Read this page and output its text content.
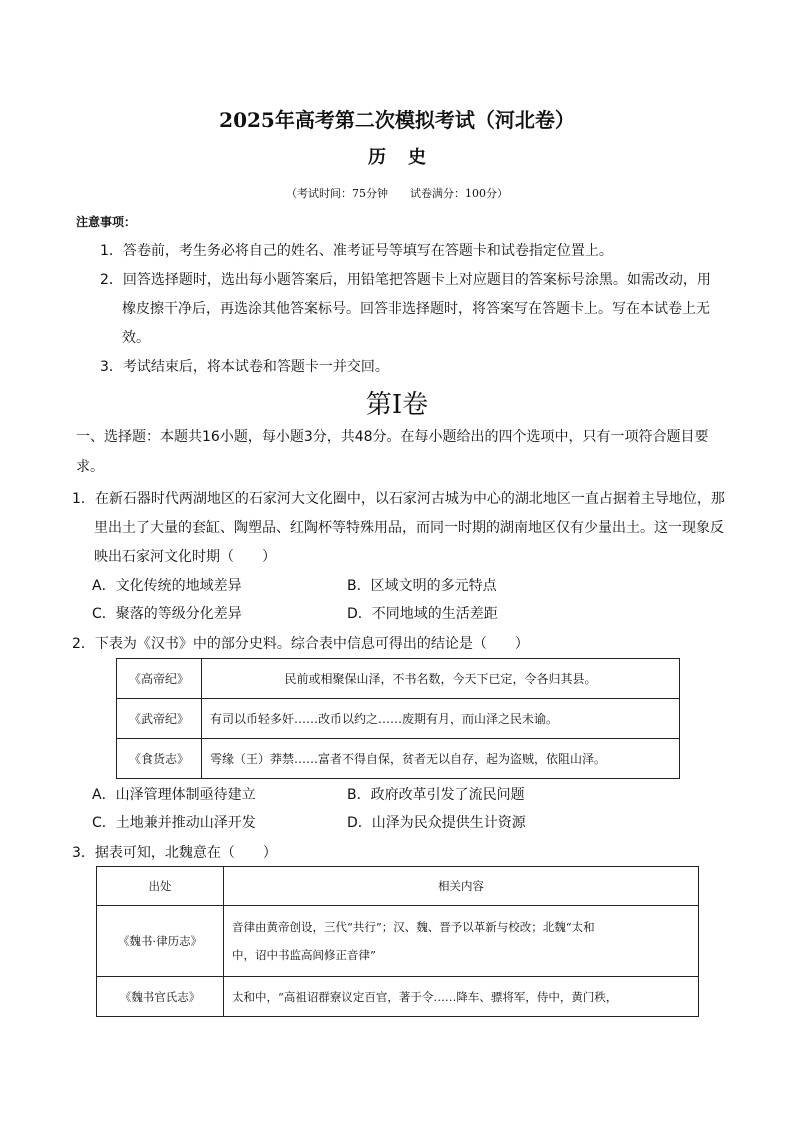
2025年高考第二次模拟考试（河北卷）
历史
（考试时间：75分钟　　试卷满分：100分）
注意事项：
1． 答卷前，考生务必将自己的姓名、准考证号等填写在答题卡和试卷指定位置上。
2． 回答选择题时，选出每小题答案后，用铅笔把答题卡上对应题目的答案标号涂黑。如需改动，用
橡皮擦干净后，再选涂其他答案标号。回答非选择题时，将答案写在答题卡上。写在本试卷上无
效。
3． 考试结束后，将本试卷和答题卡一并交回。
第Ⅰ卷
一、选择题：本题共16小题，每小题3分，共48分。在每小题给出的四个选项中，只有一项符合题目要
求。
1． 在新石器时代两湖地区的石家河大文化圈中，以石家河古城为中心的湖北地区一直占据着主导地位，那
里出土了大量的套缸、陶塑品、红陶杯等特殊用品，而同一时期的湖南地区仅有少量出土。这一现象反
映出石家河文化时期（　　）
A．文化传统的地域差异	B．区域文明的多元特点
C．聚落的等级分化差异	D．不同地域的生活差距
2． 下表为《汉书》中的部分史料。综合表中信息可得出的结论是（　　）
《高帝纪》	民前或相聚保山泽，不书名数，今天下已定，令各归其县。
《武帝纪》	有司以币轻多奸……改币以约之……废期有月，而山泽之民未谕。
《食货志》	雩缘（王）莽禁……富者不得自保，贫者无以自存，起为盗贼，依阻山泽。
A．山泽管理体制亟待建立	B．政府改革引发了流民问题
C．土地兼并推动山泽开发	D．山泽为民众提供生计资源
3． 据表可知，北魏意在（　　）
出处	相关内容
《魏书·律历志》	音律由黄帝创设，三代“共行”；汉、魏、晋予以革新与校改；北魏“太和
中，诏中书监高闾修正音律”

《魏书官氏志》	太和中，“高祖诏群寮议定百官，著于令……降车、骠将军，侍中，黄门秩，
